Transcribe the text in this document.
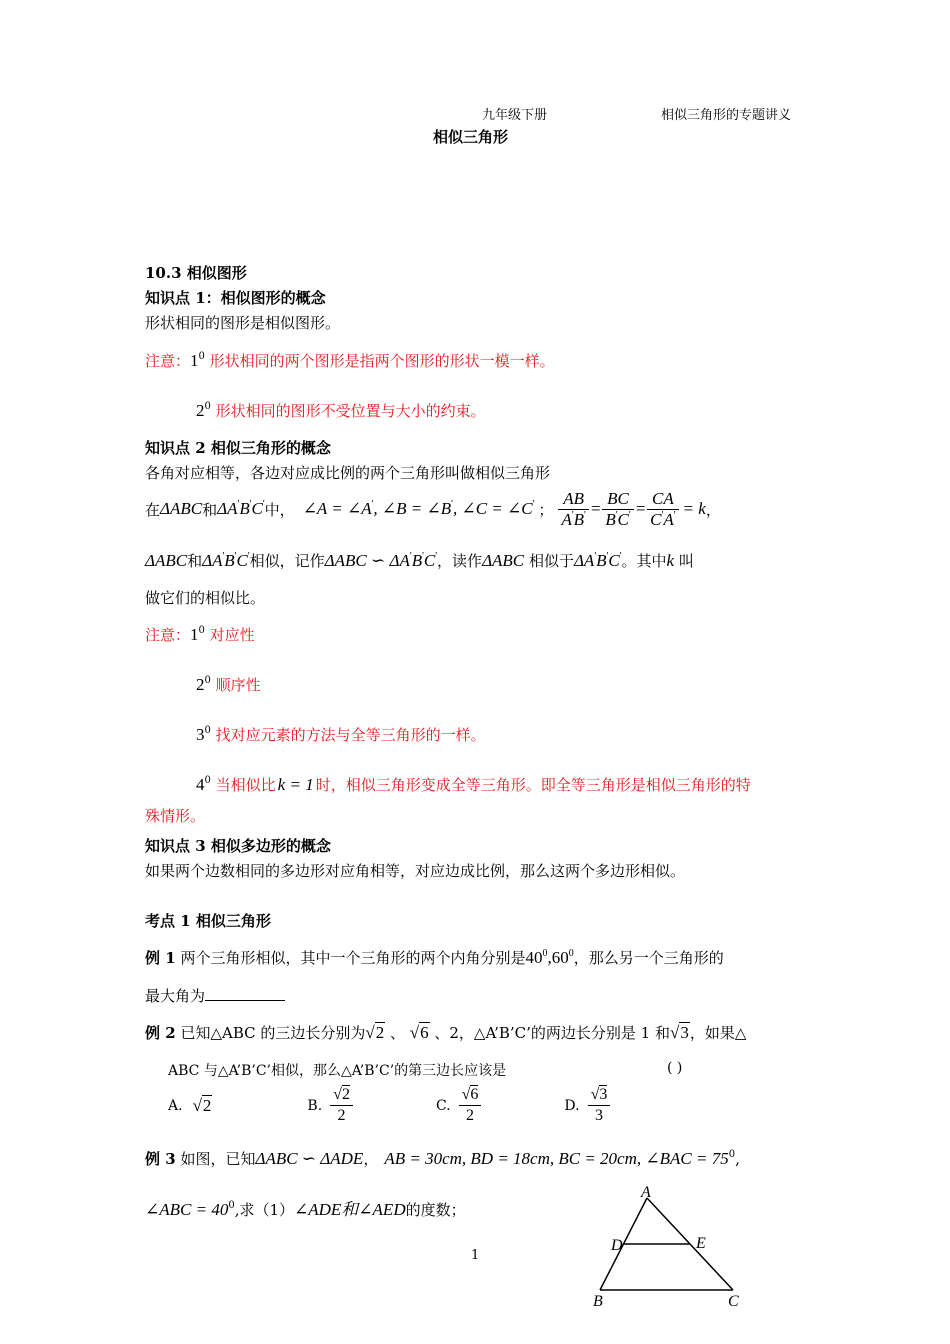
九年级下册	相似三角形的专题讲义
相似三角形
10.3 相似图形
知识点 1：相似图形的概念
形状相同的图形是相似图形。
注意：$1^0$ 形状相同的两个图形是指两个图形的形状一模一样。
$2^0$ 形状相同的图形不受位置与大小的约束。
知识点 2 相似三角形的概念
各角对应相等，各边对应成比例的两个三角形叫做相似三角形
在 ΔABC 和 ΔA'B'C' 中， ∠A = ∠A', ∠B = ∠B', ∠C = ∠C' ； $\frac{AB}{A'B'} = \frac{BC}{B'C'} = \frac{CA}{C'A'} = k$ ，
ΔABC和ΔA'B'C'相似，记作ΔABC ∽ ΔA'B'C'，读作ΔABC 相似于ΔA'B'C'。其中k 叫
做它们的相似比。
注意：$1^0$ 对应性
$2^0$ 顺序性
$3^0$ 找对应元素的方法与全等三角形的一样。
$4^0$ 当相似比 k = 1 时，相似三角形变成全等三角形。即全等三角形是相似三角形的特
殊情形。
知识点 3 相似多边形的概念
如果两个边数相同的多边形对应角相等，对应边成比例，那么这两个多边形相似。
考点 1 相似三角形
例 1 两个三角形相似，其中一个三角形的两个内角分别是$40^0,60^0$，那么另一个三角形的
最大角为
例 2 已知△ABC 的三边长分别为√2 、 √6 、2，△A’B’C’的两边长分别是 1 和√3，如果△
ABC 与△A’B’C’相似，那么△A’B’C’的第三边长应该是	( )
A. √2	B. $\frac{√2}{2}$	C. $\frac{√6}{2}$	D. $\frac{√3}{3}$
例 3 如图，已知ΔABC ∽ ΔADE， AB = 30cm, BD = 18cm, BC = 20cm, ∠BAC = $75^0$,
∠ABC = $40^0$,求（1）∠ADE和∠AED的度数；
1
A
D	E
B	C
